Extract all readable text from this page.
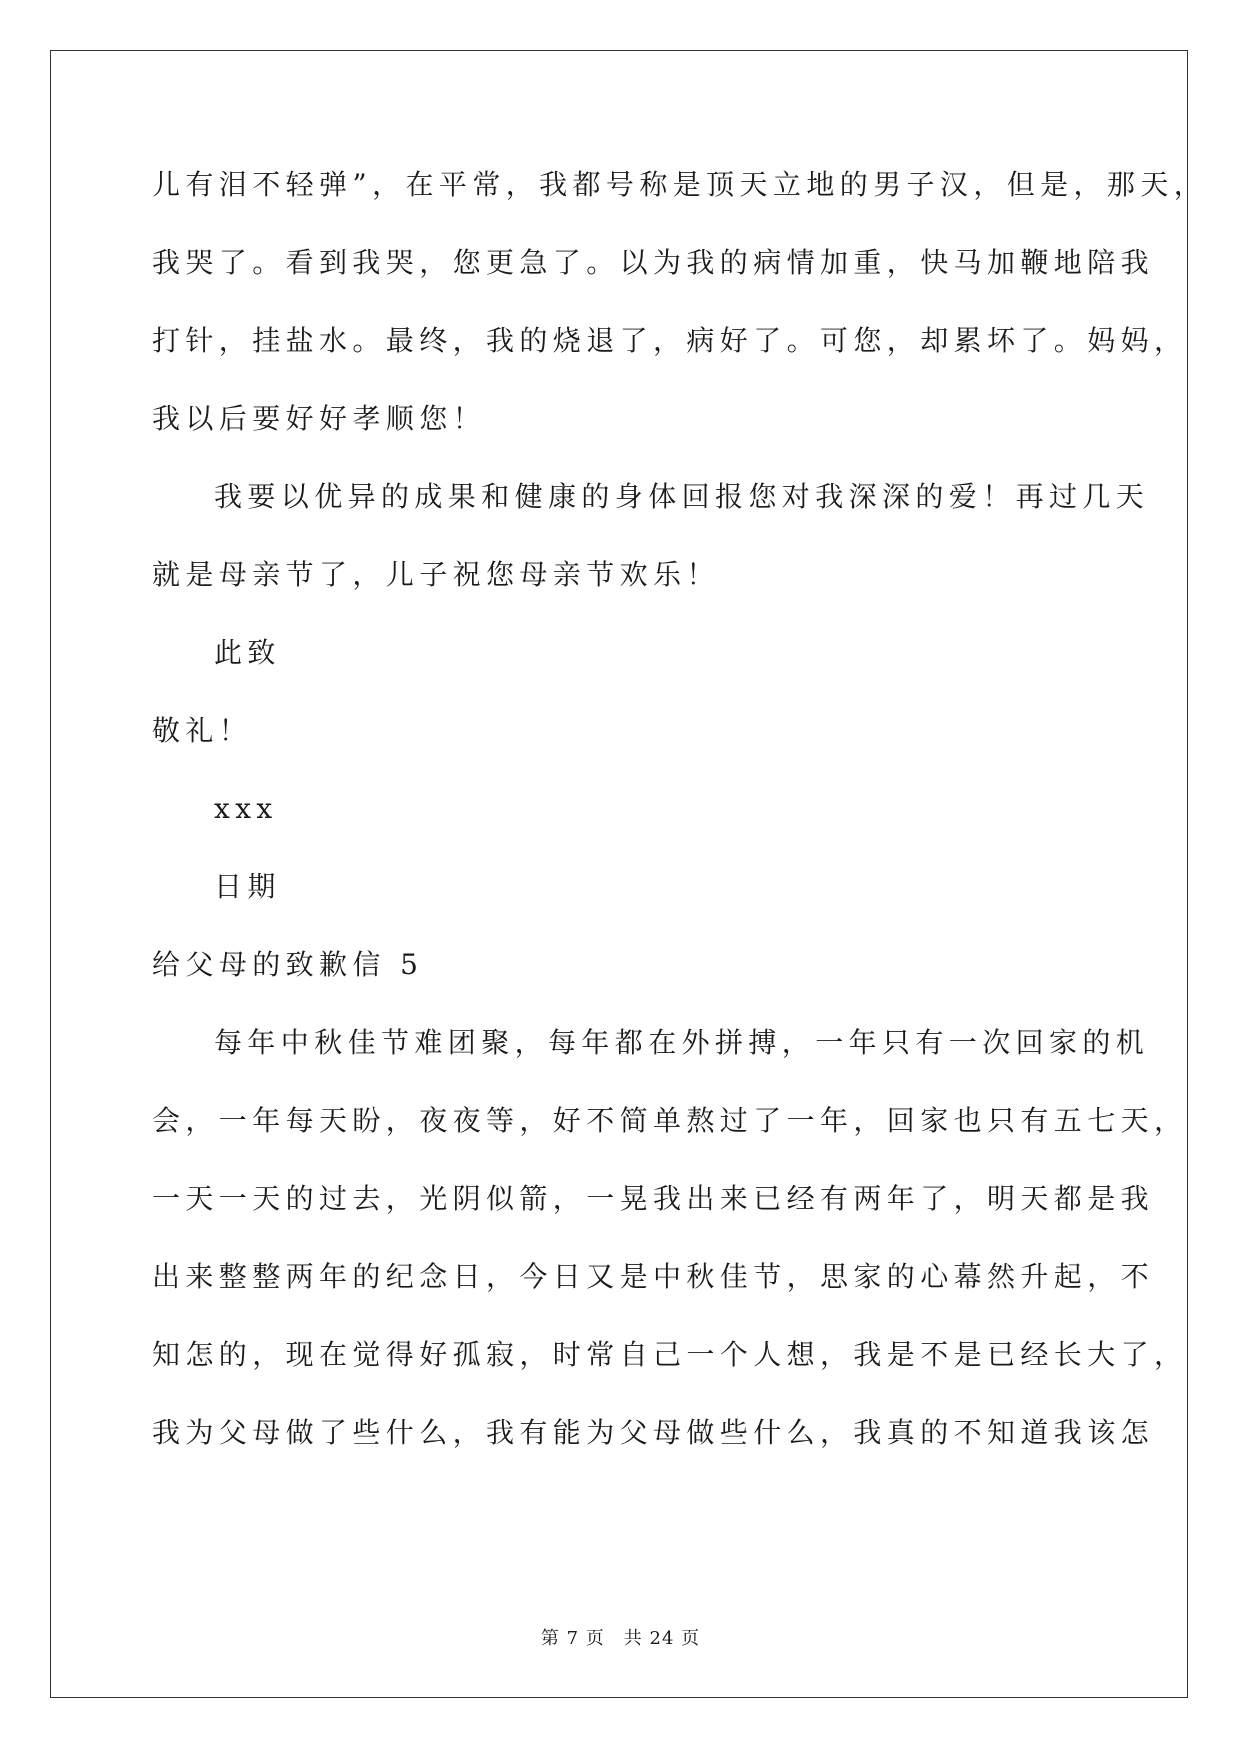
儿有泪不轻弹”，在平常，我都号称是顶天立地的男子汉，但是，那天，
我哭了。看到我哭，您更急了。以为我的病情加重，快马加鞭地陪我
打针，挂盐水。最终，我的烧退了，病好了。可您，却累坏了。妈妈，
我以后要好好孝顺您！
我要以优异的成果和健康的身体回报您对我深深的爱！再过几天
就是母亲节了，儿子祝您母亲节欢乐！
此致
敬礼！
xxx
日期
给父母的致歉信 5
每年中秋佳节难团聚，每年都在外拼搏，一年只有一次回家的机
会，一年每天盼，夜夜等，好不简单熬过了一年，回家也只有五七天，
一天一天的过去，光阴似箭，一晃我出来已经有两年了，明天都是我
出来整整两年的纪念日，今日又是中秋佳节，思家的心幕然升起，不
知怎的，现在觉得好孤寂，时常自己一个人想，我是不是已经长大了，
我为父母做了些什么，我有能为父母做些什么，我真的不知道我该怎
第 7 页　共 24 页
